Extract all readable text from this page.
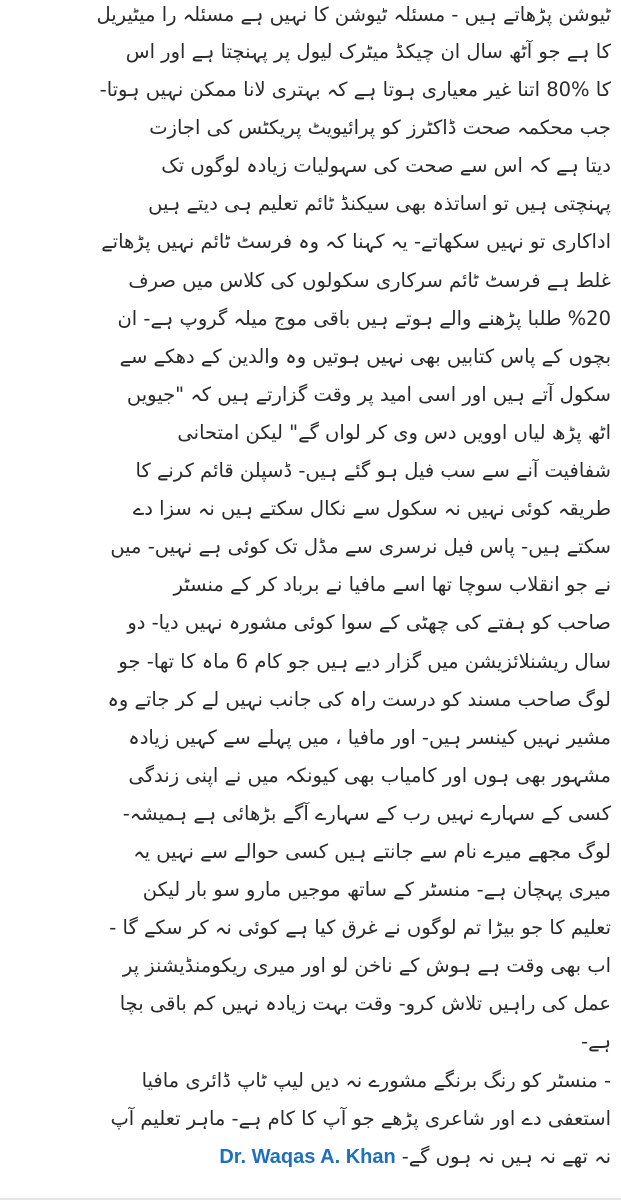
ٹیوشن پڑھاتے ہیں - مسئلہ ٹیوشن کا نہیں ہے مسئلہ را میٹیریل
کا ہے جو آٹھ سال ان چیکڈ میٹرک لیول پر پہنچتا ہے اور اس
کا %80 اتنا غیر معیاری ہوتا ہے کہ بہتری لانا ممکن نہیں ہوتا-
جب محکمہ صحت ڈاکٹرز کو پرائیویٹ پریکٹس کی اجازت
دیتا ہے کہ اس سے صحت کی سہولیات زیادہ لوگوں تک
پہنچتی ہیں تو اساتذہ بھی سیکنڈ ٹائم تعلیم ہی دیتے ہیں
اداکاری تو نہیں سکھاتے- یہ کہنا کہ وہ فرسٹ ٹائم نہیں پڑھاتے
غلط ہے فرسٹ ٹائم سرکاری سکولوں کی کلاس میں صرف
%20 طلبا پڑھنے والے ہوتے ہیں باقی موج میلہ گروپ ہے- ان
بچوں کے پاس کتابیں بھی نہیں ہوتیں وہ والدین کے دھکے سے
سکول آتے ہیں اور اسی امید پر وقت گزارتے ہیں کہ "جیویں
اٹھ پڑھ لیاں اوویں دس وی کر لواں گے" لیکن امتحانی
شفافیت آنے سے سب فیل ہو گئے ہیں- ڈسپلن قائم کرنے کا
طریقہ کوئی نہیں نہ سکول سے نکال سکتے ہیں نہ سزا دے
سکتے ہیں- پاس فیل نرسری سے مڈل تک کوئی ہے نہیں- میں
نے جو انقلاب سوچا تھا اسے مافیا نے برباد کر کے منسٹر
صاحب کو ہفتے کی چھٹی کے سوا کوئی مشورہ نہیں دیا- دو
سال ریشنلائزیشن میں گزار دیے ہیں جو کام 6 ماہ کا تھا- جو
لوگ صاحب مسند کو درست راہ کی جانب نہیں لے کر جاتے وہ
مشیر نہیں کینسر ہیں- اور مافیا ، میں پہلے سے کہیں زیادہ
مشہور بھی ہوں اور کامیاب بھی کیونکہ میں نے اپنی زندگی
کسی کے سہارے نہیں رب کے سہارے آگے بڑھائی ہے ہمیشہ-
لوگ مجھے میرے نام سے جانتے ہیں کسی حوالے سے نہیں یہ
میری پہچان ہے- منسٹر کے ساتھ موجیں مارو سو بار لیکن
تعلیم کا جو بیڑا تم لوگوں نے غرق کیا ہے کوئی نہ کر سکے گا -
اب بھی وقت ہے ہوش کے ناخن لو اور میری ریکومنڈیشنز پر
عمل کی راہیں تلاش کرو- وقت بہت زیادہ نہیں کم باقی بچا
ہے-
- منسٹر کو رنگ برنگے مشورے نہ دیں لیپ ٹاپ ڈائری مافیا
استعفی دے اور شاعری پڑھے جو آپ کا کام ہے- ماہر تعلیم آپ
نہ تھے نہ ہیں نہ ہوں گے-
Dr. Waqas A. Khan
